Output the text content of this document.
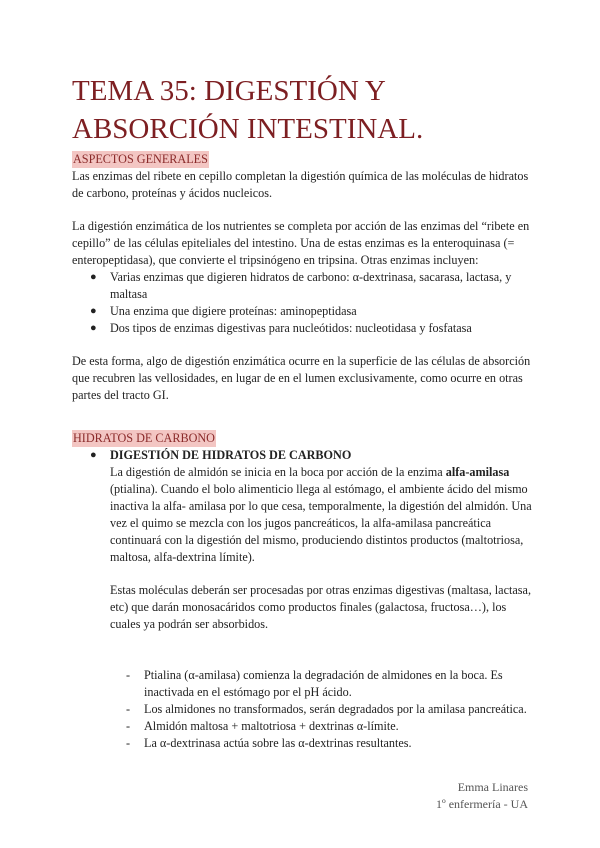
TEMA 35: DIGESTIÓN Y ABSORCIÓN INTESTINAL.
ASPECTOS GENERALES

Las enzimas del ribete en cepillo completan la digestión química de las moléculas de hidratos de carbono, proteínas y ácidos nucleicos.

La digestión enzimática de los nutrientes se completa por acción de las enzimas del “ribete en cepillo” de las células epiteliales del intestino. Una de estas enzimas es la enteroquinasa (= enteropeptidasa), que convierte el tripsinógeno en tripsina. Otras enzimas incluyen:

● Varias enzimas que digieren hidratos de carbono: α-dextrinasa, sacarasa, lactasa, y maltasa
● Una enzima que digiere proteínas: aminopeptidasa
● Dos tipos de enzimas digestivas para nucleótidos: nucleotidasa y fosfatasa

De esta forma, algo de digestión enzimática ocurre en la superficie de las células de absorción que recubren las vellosidades, en lugar de en el lumen exclusivamente, como ocurre en otras partes del tracto GI.

HIDRATOS DE CARBONO
● DIGESTIÓN DE HIDRATOS DE CARBONO

La digestión de almidón se inicia en la boca por acción de la enzima alfa-amilasa (ptialina). Cuando el bolo alimenticio llega al estómago, el ambiente ácido del mismo inactiva la alfa- amilasa por lo que cesa, temporalmente, la digestión del almidón. Una vez el quimo se mezcla con los jugos pancreáticos, la alfa-amilasa pancreática continuará con la digestión del mismo, produciendo distintos productos (maltotriosa, maltosa, alfa-dextrina límite).

Estas moléculas deberán ser procesadas por otras enzimas digestivas (maltasa, lactasa, etc) que darán monosacáridos como productos finales (galactosa, fructosa…), los cuales ya podrán ser absorbidos.

- Ptialina (α-amilasa) comienza la degradación de almidones en la boca. Es inactivada en el estómago por el pH ácido.
- Los almidones no transformados, serán degradados por la amilasa pancreática.
- Almidón maltosa + maltotriosa + dextrinas α-límite.
- La α-dextrinasa actúa sobre las α-dextrinas resultantes.
Emma Linares
1º enfermería - UA
